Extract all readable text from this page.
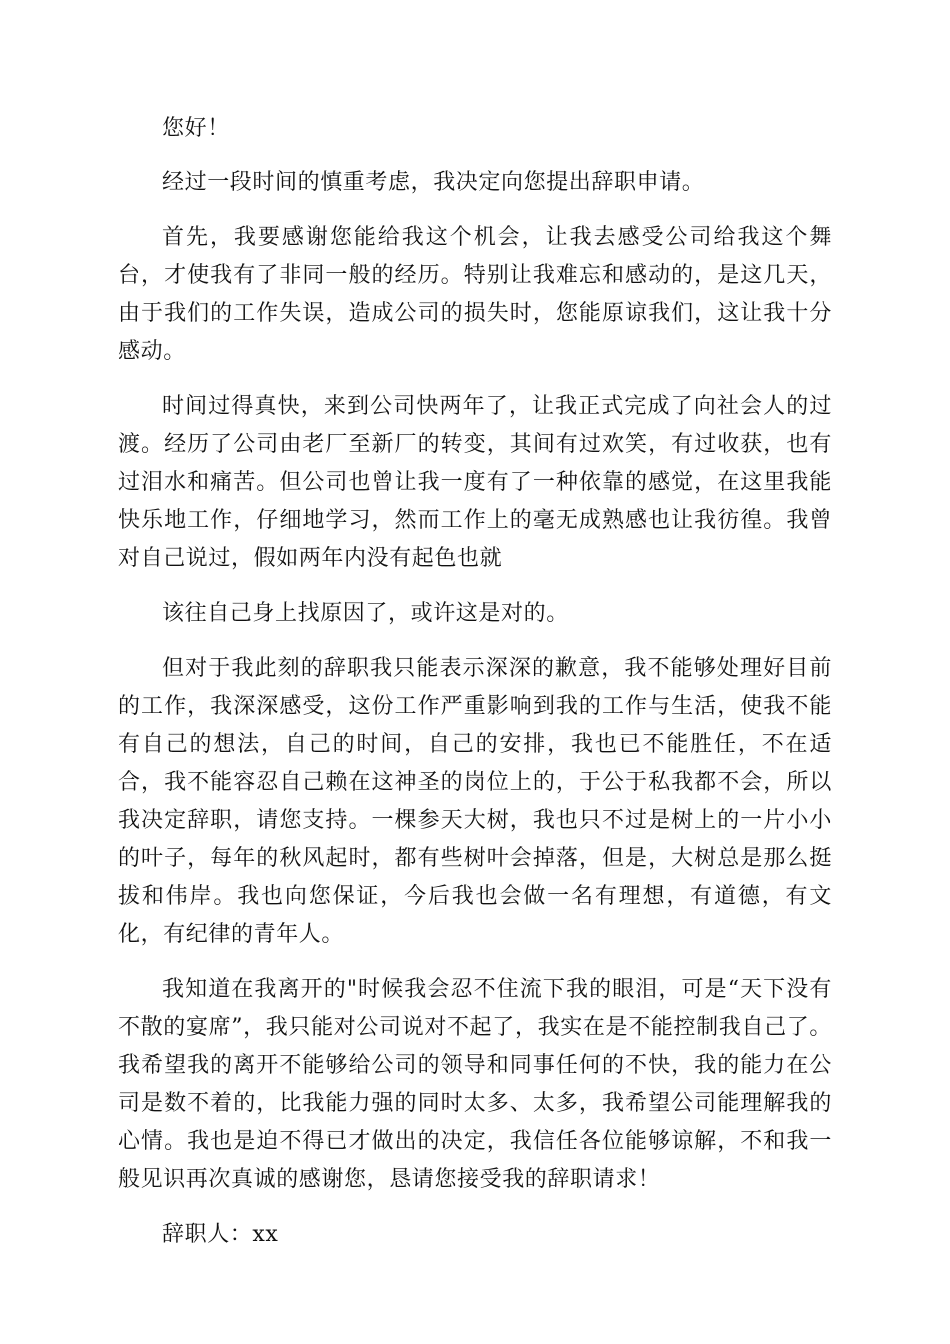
您好！

经过一段时间的慎重考虑，我决定向您提出辞职申请。

首先，我要感谢您能给我这个机会，让我去感受公司给我这个舞台，才使我有了非同一般的经历。特别让我难忘和感动的，是这几天，由于我们的工作失误，造成公司的损失时，您能原谅我们，这让我十分感动。

时间过得真快，来到公司快两年了，让我正式完成了向社会人的过渡。经历了公司由老厂至新厂的转变，其间有过欢笑，有过收获，也有过泪水和痛苦。但公司也曾让我一度有了一种依靠的感觉，在这里我能快乐地工作，仔细地学习，然而工作上的毫无成熟感也让我彷徨。我曾对自己说过，假如两年内没有起色也就

该往自己身上找原因了，或许这是对的。

但对于我此刻的辞职我只能表示深深的歉意，我不能够处理好目前的工作，我深深感受，这份工作严重影响到我的工作与生活，使我不能有自己的想法，自己的时间，自己的安排，我也已不能胜任，不在适合，我不能容忍自己赖在这神圣的岗位上的，于公于私我都不会，所以我决定辞职，请您支持。一棵参天大树，我也只不过是树上的一片小小的叶子，每年的秋风起时，都有些树叶会掉落，但是，大树总是那么挺拔和伟岸。我也向您保证，今后我也会做一名有理想，有道德，有文化，有纪律的青年人。

我知道在我离开的"时候我会忍不住流下我的眼泪，可是“天下没有不散的宴席”，我只能对公司说对不起了，我实在是不能控制我自己了。我希望我的离开不能够给公司的领导和同事任何的不快，我的能力在公司是数不着的，比我能力强的同时太多、太多，我希望公司能理解我的心情。我也是迫不得已才做出的决定，我信任各位能够谅解，不和我一般见识再次真诚的感谢您，恳请您接受我的辞职请求！

辞职人：xx
